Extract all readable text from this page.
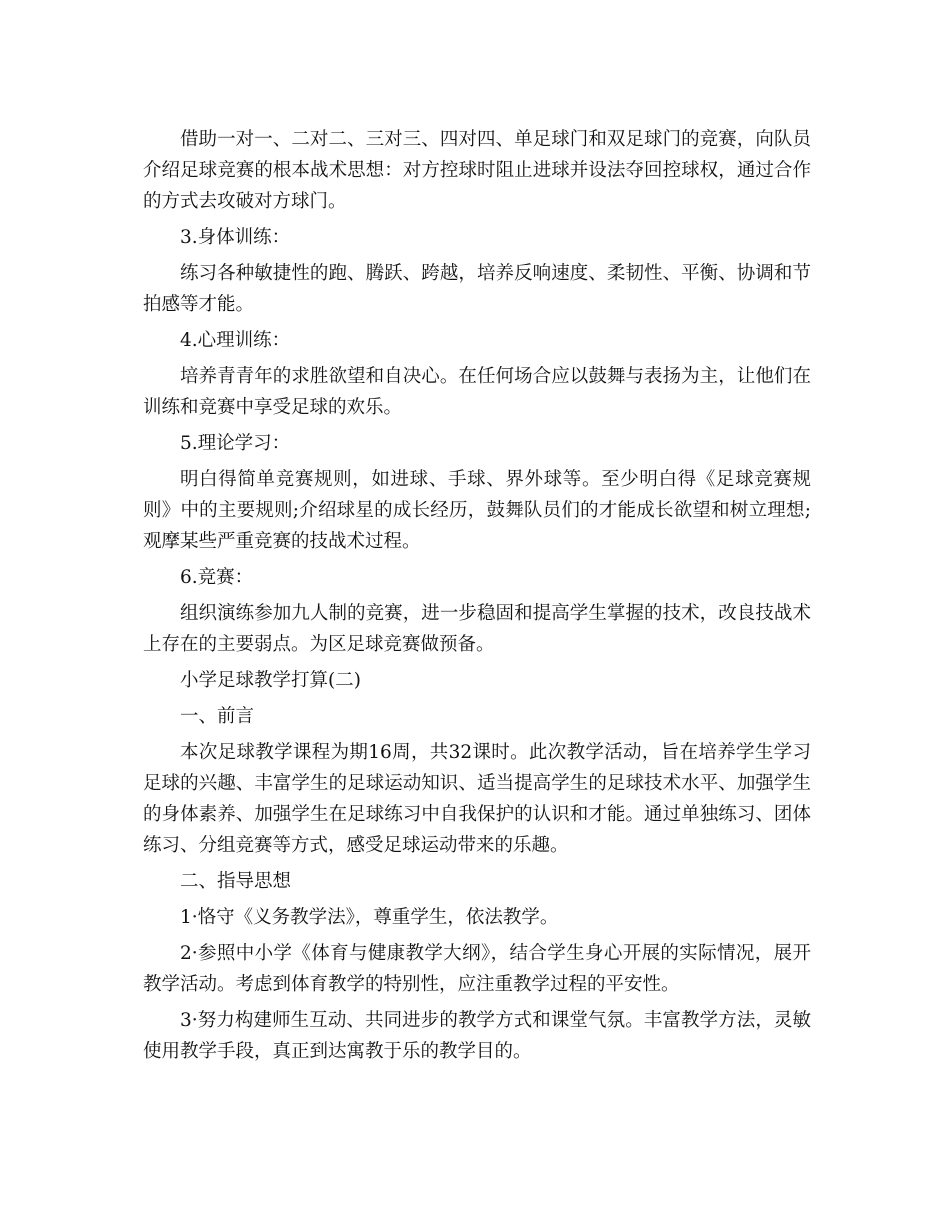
借助一对一、二对二、三对三、四对四、单足球门和双足球门的竞赛，向队员介绍足球竞赛的根本战术思想：对方控球时阻止进球并设法夺回控球权，通过合作的方式去攻破对方球门。

3.身体训练：

练习各种敏捷性的跑、腾跃、跨越，培养反响速度、柔韧性、平衡、协调和节拍感等才能。

4.心理训练：

培养青青年的求胜欲望和自决心。在任何场合应以鼓舞与表扬为主，让他们在训练和竞赛中享受足球的欢乐。

5.理论学习：

明白得简单竞赛规则，如进球、手球、界外球等。至少明白得《足球竞赛规则》中的主要规则;介绍球星的成长经历，鼓舞队员们的才能成长欲望和树立理想;观摩某些严重竞赛的技战术过程。

6.竞赛：

组织演练参加九人制的竞赛，进一步稳固和提高学生掌握的技术，改良技战术上存在的主要弱点。为区足球竞赛做预备。

小学足球教学打算(二)

一、前言

本次足球教学课程为期16周，共32课时。此次教学活动，旨在培养学生学习足球的兴趣、丰富学生的足球运动知识、适当提高学生的足球技术水平、加强学生的身体素养、加强学生在足球练习中自我保护的认识和才能。通过单独练习、团体练习、分组竞赛等方式，感受足球运动带来的乐趣。

二、指导思想

1·恪守《义务教学法》，尊重学生，依法教学。

2·参照中小学《体育与健康教学大纲》，结合学生身心开展的实际情况，展开教学活动。考虑到体育教学的特别性，应注重教学过程的平安性。

3·努力构建师生互动、共同进步的教学方式和课堂气氛。丰富教学方法，灵敏使用教学手段，真正到达寓教于乐的教学目的。
